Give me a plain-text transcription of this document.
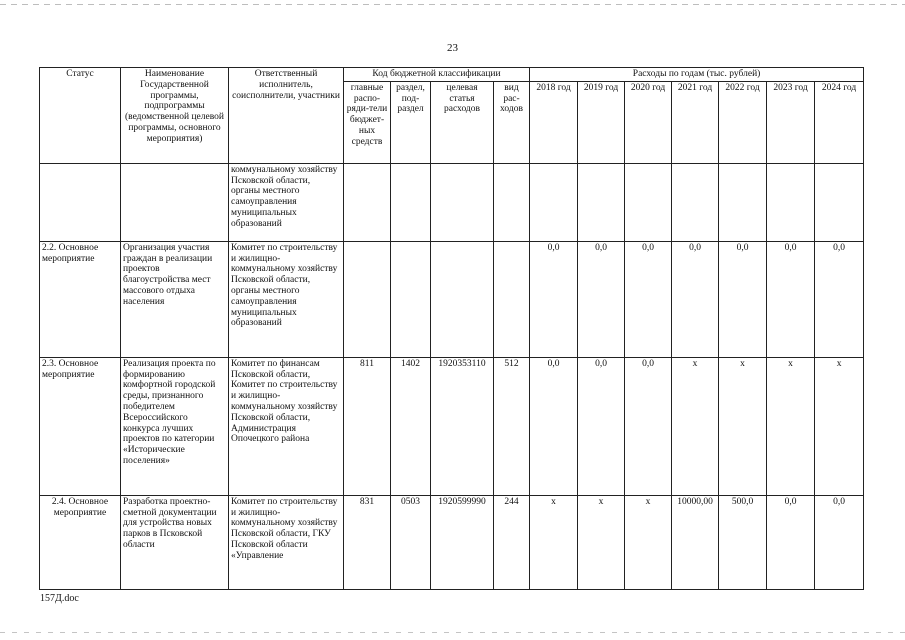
23
Статус	Наименование Государственной программы, подпрограммы (ведомственной целевой программы, основного мероприятия)	Ответственный исполнитель, соисполнители, участники	Код бюджетной классификации				Расходы по годам (тыс. рублей)						
			главные распо-ряди-тели бюджет-ных средств	раздел, под-раздел	целевая статья расходов	вид рас-ходов	2018 год	2019 год	2020 год	2021 год	2022 год	2023 год	2024 год
		коммунальному хозяйству Псковской области, органы местного самоуправления муниципальных образований											
2.2. Основное мероприятие	Организация участия граждан в реализации проектов благоустройства мест массового отдыха населения	Комитет по строительству и жилищно-коммунальному хозяйству Псковской области, органы местного самоуправления муниципальных образований					0,0	0,0	0,0	0,0	0,0	0,0	0,0
2.3. Основное мероприятие	Реализация проекта по формированию комфортной городской среды, признанного победителем Всероссийского конкурса лучших проектов по категории «Исторические поселения»	Комитет по финансам Псковской области, Комитет по строительству и жилищно-коммунальному хозяйству Псковской области, Администрация Опочецкого района	811	1402	1920353110	512	0,0	0,0	0,0	x	x	x	x
2.4. Основное мероприятие	Разработка проектно-сметной документации для устройства новых парков в Псковской области	Комитет по строительству и жилищно-коммунальному хозяйству Псковской области, ГКУ Псковской области «Управление	831	0503	1920599990	244	x	x	x	10000,00	500,0	0,0	0,0
157Д.doc
